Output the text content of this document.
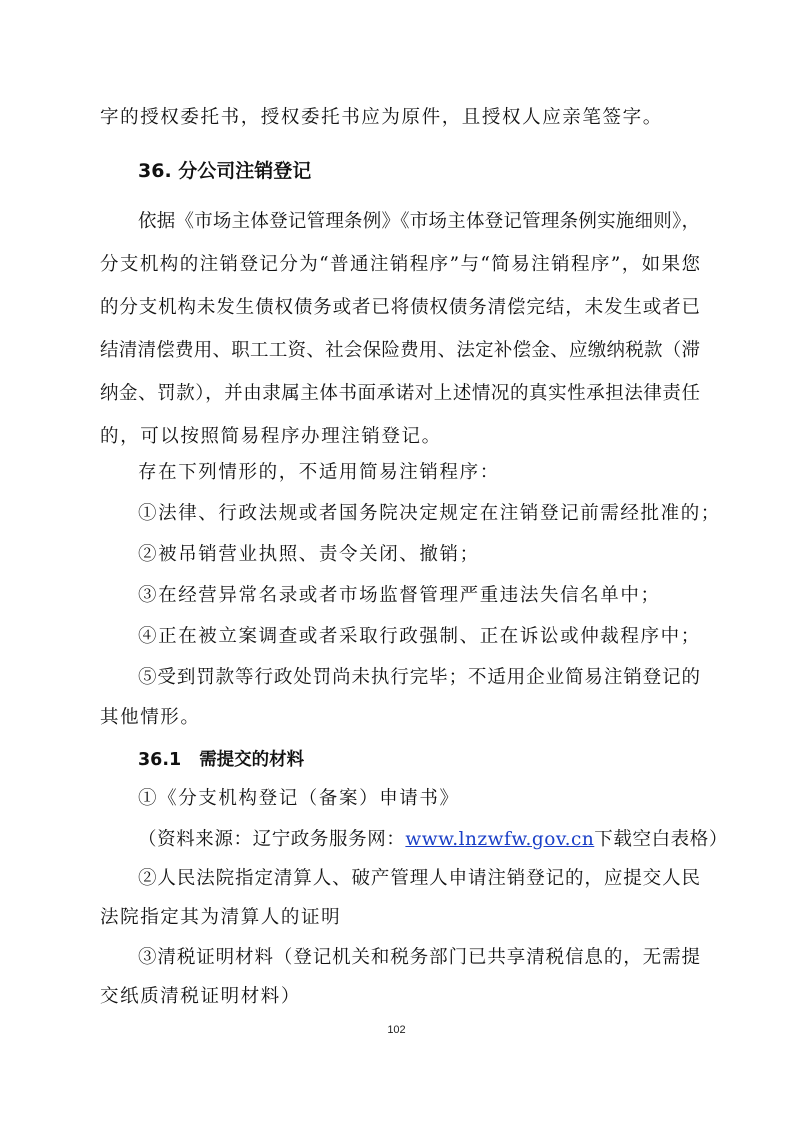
字的授权委托书，授权委托书应为原件，且授权人应亲笔签字。
36. 分公司注销登记
依据《市场主体登记管理条例》《市场主体登记管理条例实施细则》，
分支机构的注销登记分为“普通注销程序”与“简易注销程序”，如果您
的分支机构未发生债权债务或者已将债权债务清偿完结，未发生或者已
结清清偿费用、职工工资、社会保险费用、法定补偿金、应缴纳税款（滞
纳金、罚款），并由隶属主体书面承诺对上述情况的真实性承担法律责任
的，可以按照简易程序办理注销登记。
存在下列情形的，不适用简易注销程序：
①法律、行政法规或者国务院决定规定在注销登记前需经批准的；
②被吊销营业执照、责令关闭、撤销；
③在经营异常名录或者市场监督管理严重违法失信名单中；
④正在被立案调查或者采取行政强制、正在诉讼或仲裁程序中；
⑤受到罚款等行政处罚尚未执行完毕；不适用企业简易注销登记的
其他情形。
36.1 需提交的材料
①《分支机构登记（备案）申请书》
（资料来源：辽宁政务服务网：www.lnzwfw.gov.cn下载空白表格）
②人民法院指定清算人、破产管理人申请注销登记的，应提交人民
法院指定其为清算人的证明
③清税证明材料（登记机关和税务部门已共享清税信息的，无需提
交纸质清税证明材料）
102
